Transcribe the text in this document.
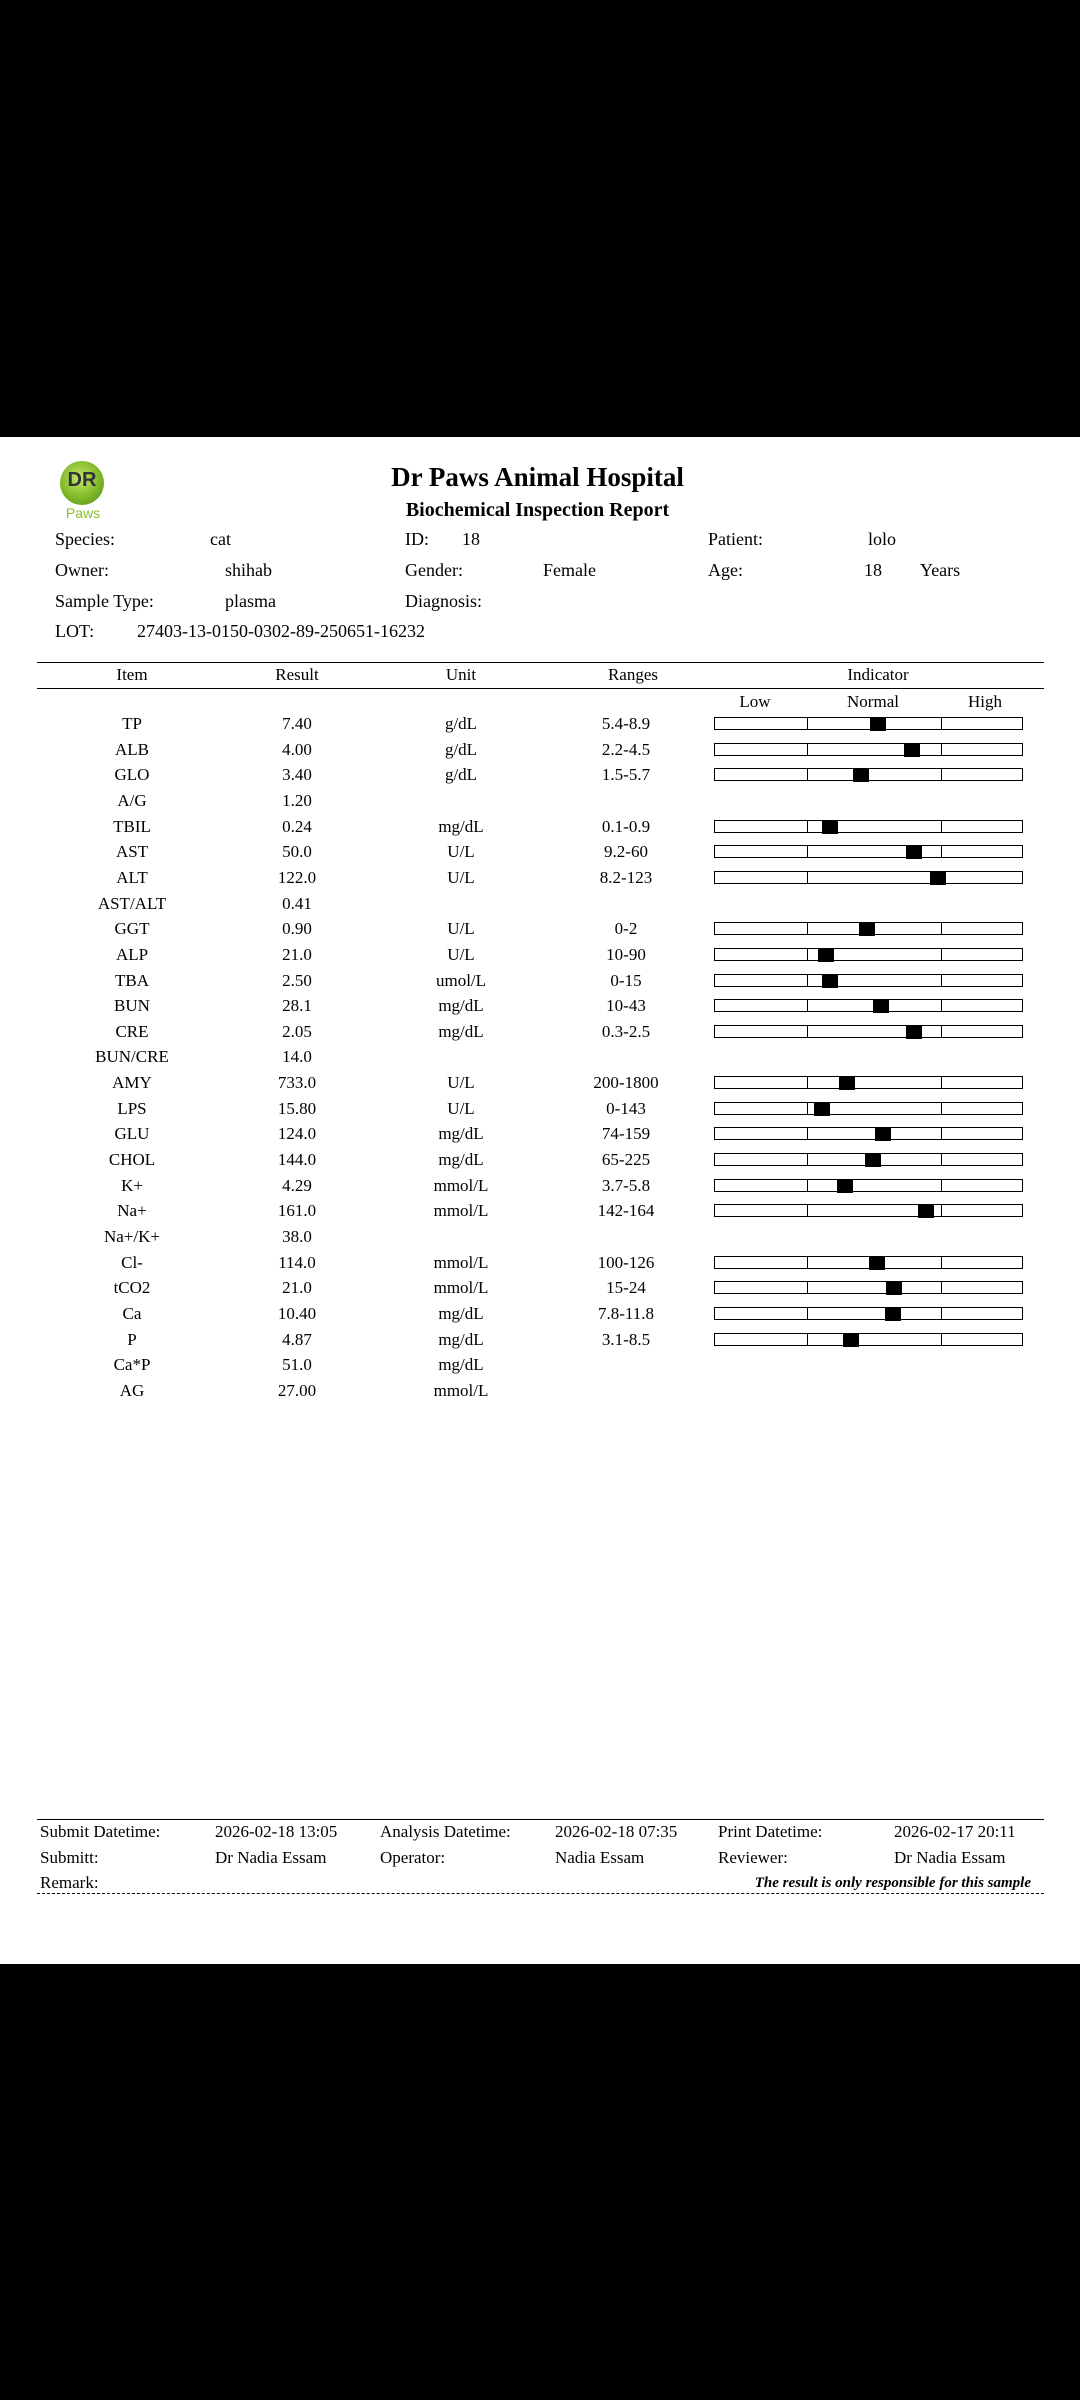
DR
Paws
Dr Paws Animal Hospital
Biochemical Inspection Report
Species:	cat	ID: 18	Patient:	lolo
Owner:	shihab	Gender:	Female	Age:	18 Years
Sample Type:	plasma	Diagnosis:
LOT: 27403-13-0150-0302-89-250651-16232
Item	Result	Unit	Ranges	Indicator
Low	Normal	High
TP	7.40	g/dL	5.4-8.9
ALB	4.00	g/dL	2.2-4.5
GLO	3.40	g/dL	1.5-5.7
A/G	1.20
TBIL	0.24	mg/dL	0.1-0.9
AST	50.0	U/L	9.2-60
ALT	122.0	U/L	8.2-123
AST/ALT	0.41
GGT	0.90	U/L	0-2
ALP	21.0	U/L	10-90
TBA	2.50	umol/L	0-15
BUN	28.1	mg/dL	10-43
CRE	2.05	mg/dL	0.3-2.5
BUN/CRE	14.0
AMY	733.0	U/L	200-1800
LPS	15.80	U/L	0-143
GLU	124.0	mg/dL	74-159
CHOL	144.0	mg/dL	65-225
K+	4.29	mmol/L	3.7-5.8
Na+	161.0	mmol/L	142-164
Na+/K+	38.0
Cl-	114.0	mmol/L	100-126
tCO2	21.0	mmol/L	15-24
Ca	10.40	mg/dL	7.8-11.8
P	4.87	mg/dL	3.1-8.5
Ca*P	51.0	mg/dL
AG	27.00	mmol/L
Submit Datetime:	2026-02-18 13:05	Analysis Datetime:	2026-02-18 07:35 Print Datetime:	2026-02-17 20:11
Submitt:	Dr Nadia Essam	Operator:	Nadia Essam	Reviewer:	Dr Nadia Essam
Remark:	The result is only responsible for this sample
